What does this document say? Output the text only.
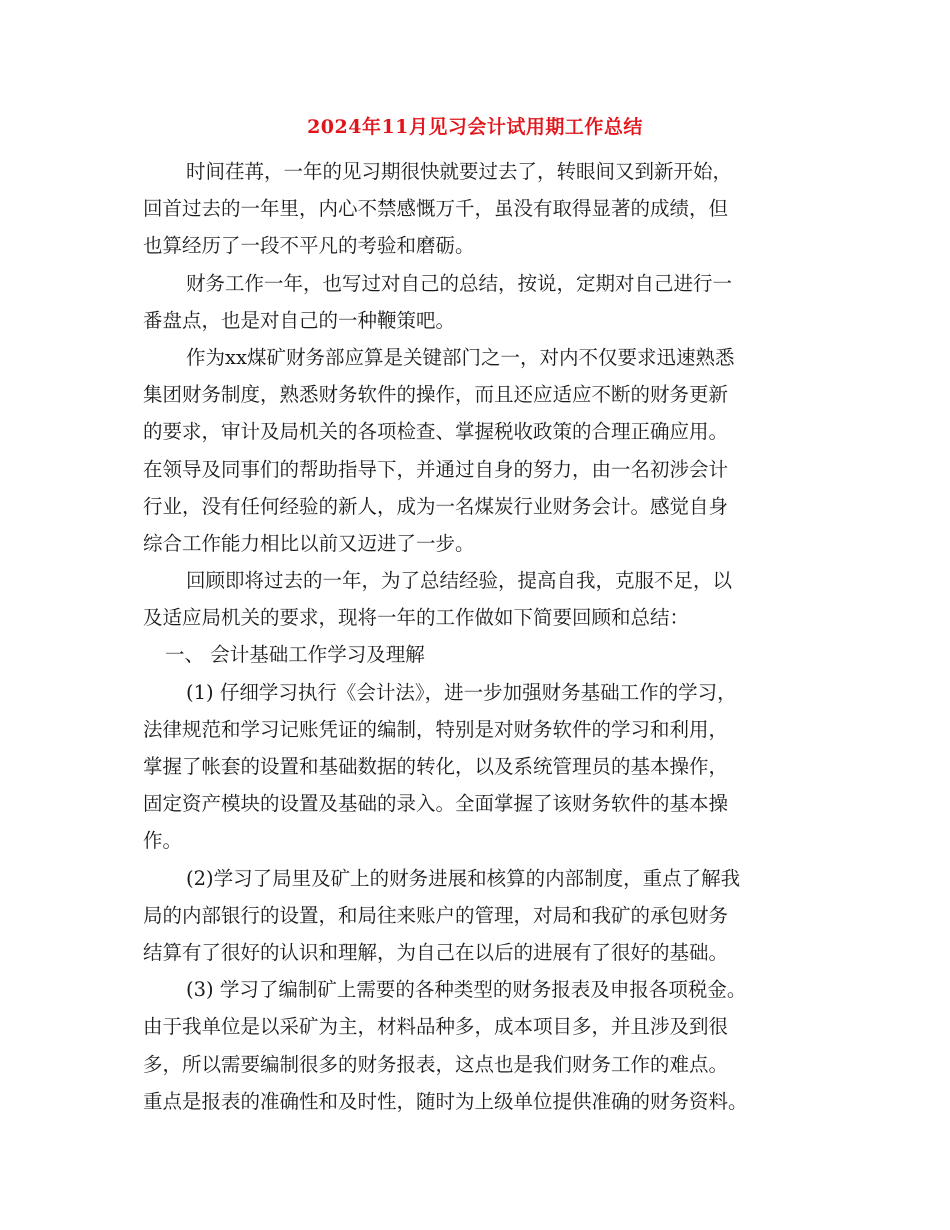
2024年11月见习会计试用期工作总结
时间荏苒，一年的见习期很快就要过去了，转眼间又到新开始，
回首过去的一年里，内心不禁感慨万千，虽没有取得显著的成绩，但
也算经历了一段不平凡的考验和磨砺。
财务工作一年，也写过对自己的总结，按说，定期对自己进行一
番盘点，也是对自己的一种鞭策吧。
作为xx煤矿财务部应算是关键部门之一，对内不仅要求迅速熟悉
集团财务制度，熟悉财务软件的操作，而且还应适应不断的财务更新
的要求，审计及局机关的各项检查、掌握税收政策的合理正确应用。
在领导及同事们的帮助指导下，并通过自身的努力，由一名初涉会计
行业，没有任何经验的新人，成为一名煤炭行业财务会计。感觉自身
综合工作能力相比以前又迈进了一步。
回顾即将过去的一年，为了总结经验，提高自我，克服不足，以
及适应局机关的要求，现将一年的工作做如下简要回顾和总结：
一、 会计基础工作学习及理解
(1) 仔细学习执行《会计法》，进一步加强财务基础工作的学习，
法律规范和学习记账凭证的编制，特别是对财务软件的学习和利用，
掌握了帐套的设置和基础数据的转化，以及系统管理员的基本操作，
固定资产模块的设置及基础的录入。全面掌握了该财务软件的基本操
作。
(2)学习了局里及矿上的财务进展和核算的内部制度，重点了解我
局的内部银行的设置，和局往来账户的管理，对局和我矿的承包财务
结算有了很好的认识和理解，为自己在以后的进展有了很好的基础。
(3) 学习了编制矿上需要的各种类型的财务报表及申报各项税金。
由于我单位是以采矿为主，材料品种多，成本项目多，并且涉及到很
多，所以需要编制很多的财务报表，这点也是我们财务工作的难点。
重点是报表的准确性和及时性，随时为上级单位提供准确的财务资料。
